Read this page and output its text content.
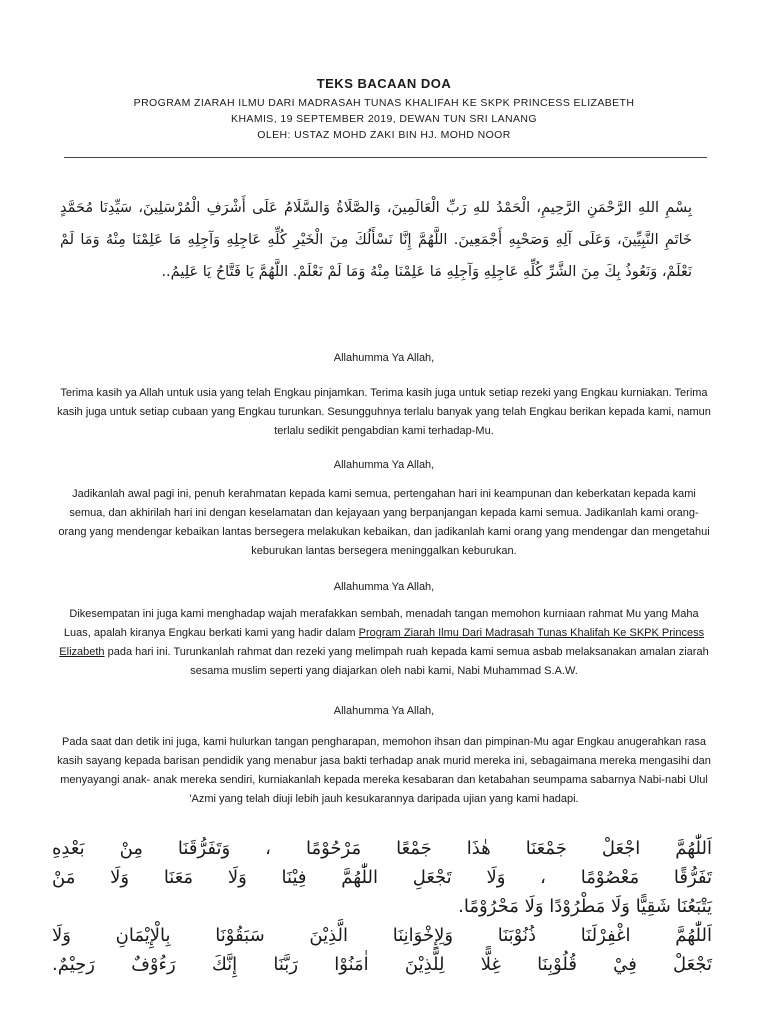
TEKS BACAAN DOA
PROGRAM ZIARAH ILMU DARI MADRASAH TUNAS KHALIFAH KE SKPK PRINCESS ELIZABETH
KHAMIS, 19 SEPTEMBER 2019, DEWAN TUN SRI LANANG
OLEH: USTAZ MOHD ZAKI BIN HJ. MOHD NOOR
بِسْمِ اللهِ الرَّحْمَنِ الرَّحِيمِ، الْحَمْدُ للهِ رَبِّ الْعَالَمِينَ، وَالصَّلَاةُ وَالسَّلَامُ عَلَى أَشْرَفِ الْمُرْسَلِينَ، سَيِّدِنَا مُحَمَّدٍ خَاتَمِ النَّبِيِّينَ، وَعَلَى آلِهِ وَصَحْبِهِ أَجْمَعِينَ. اللَّهُمَّ إِنَّا نَسْأَلُكَ مِنَ الْخَيْرِ كُلِّهِ عَاجِلِهِ وَآجِلِهِ مَا عَلِمْنَا مِنْهُ وَمَا لَمْ نَعْلَمْ، وَنَعُوذُ بِكَ مِنَ الشَّرِّ كُلِّهِ عَاجِلِهِ وَآجِلِهِ مَا عَلِمْنَا مِنْهُ وَمَا لَمْ نَعْلَمْ. اللَّهُمَّ يَا فَتَّاحُ يَا عَلِيمُ..
Allahumma Ya Allah,
Terima kasih ya Allah untuk usia yang telah Engkau pinjamkan. Terima kasih juga untuk setiap rezeki yang Engkau kurniakan. Terima kasih juga untuk setiap cubaan yang Engkau turunkan. Sesungguhnya terlalu banyak yang telah Engkau berikan kepada kami, namun terlalu sedikit pengabdian kami terhadap-Mu.
Allahumma Ya Allah,
Jadikanlah awal pagi ini, penuh kerahmatan kepada kami semua, pertengahan hari ini keampunan dan keberkatan kepada kami semua, dan akhirilah hari ini dengan keselamatan dan kejayaan yang berpanjangan kepada kami semua. Jadikanlah kami orang-orang yang mendengar kebaikan lantas bersegera melakukan kebaikan, dan jadikanlah kami orang yang mendengar dan mengetahui keburukan lantas bersegera meninggalkan keburukan.
Allahumma Ya Allah,
Dikesempatan ini juga kami menghadap wajah merafakkan sembah, menadah tangan memohon kurniaan rahmat Mu yang Maha Luas, apalah kiranya Engkau berkati kami yang hadir dalam Program Ziarah Ilmu Dari Madrasah Tunas Khalifah Ke SKPK Princess Elizabeth pada hari ini. Turunkanlah rahmat dan rezeki yang melimpah ruah kepada kami semua asbab melaksanakan amalan ziarah sesama muslim seperti yang diajarkan oleh nabi kami, Nabi Muhammad S.A.W.
Allahumma Ya Allah,
Pada saat dan detik ini juga, kami hulurkan tangan pengharapan, memohon ihsan dan pimpinan-Mu agar Engkau anugerahkan rasa kasih sayang kepada barisan pendidik yang menabur jasa bakti terhadap anak murid mereka ini, sebagaimana mereka mengasihi dan menyayangi anak- anak mereka sendiri, kurniakanlah kepada mereka kesabaran dan ketabahan seumpama sabarnya Nabi-nabi Ulul 'Azmi yang telah diuji lebih jauh kesukarannya daripada ujian yang kami hadapi.
اَللّٰهُمَّ اجْعَلْ جَمْعَنَا هٰذَا جَمْعًا مَرْحُوْمًا ، وَتَفَرُّقَنَا مِنْ بَعْدِهِ
تَفَرُّقًا مَعْصُوْمًا ، وَلَا تَجْعَلِ اللّٰهُمَّ فِيْنَا وَلَا مَعَنَا وَلَا مَنْ
يَتْبَعُنَا شَقِيًّا وَلَا مَطْرُوْدًا وَلَا مَحْرُوْمًا.
اَللّٰهُمَّ اغْفِرْلَنَا ذُنُوْبَنَا وَلِإِخْوَانِنَا الَّذِيْنَ سَبَقُوْنَا بِالْإِيْمَانِ وَلَا
تَجْعَلْ فِيْ قُلُوْبِنَا غِلًّا لِلَّذِيْنَ اٰمَنُوْا رَبَّنَا إِنَّكَ رَءُوْفٌ رَحِيْمٌ.
